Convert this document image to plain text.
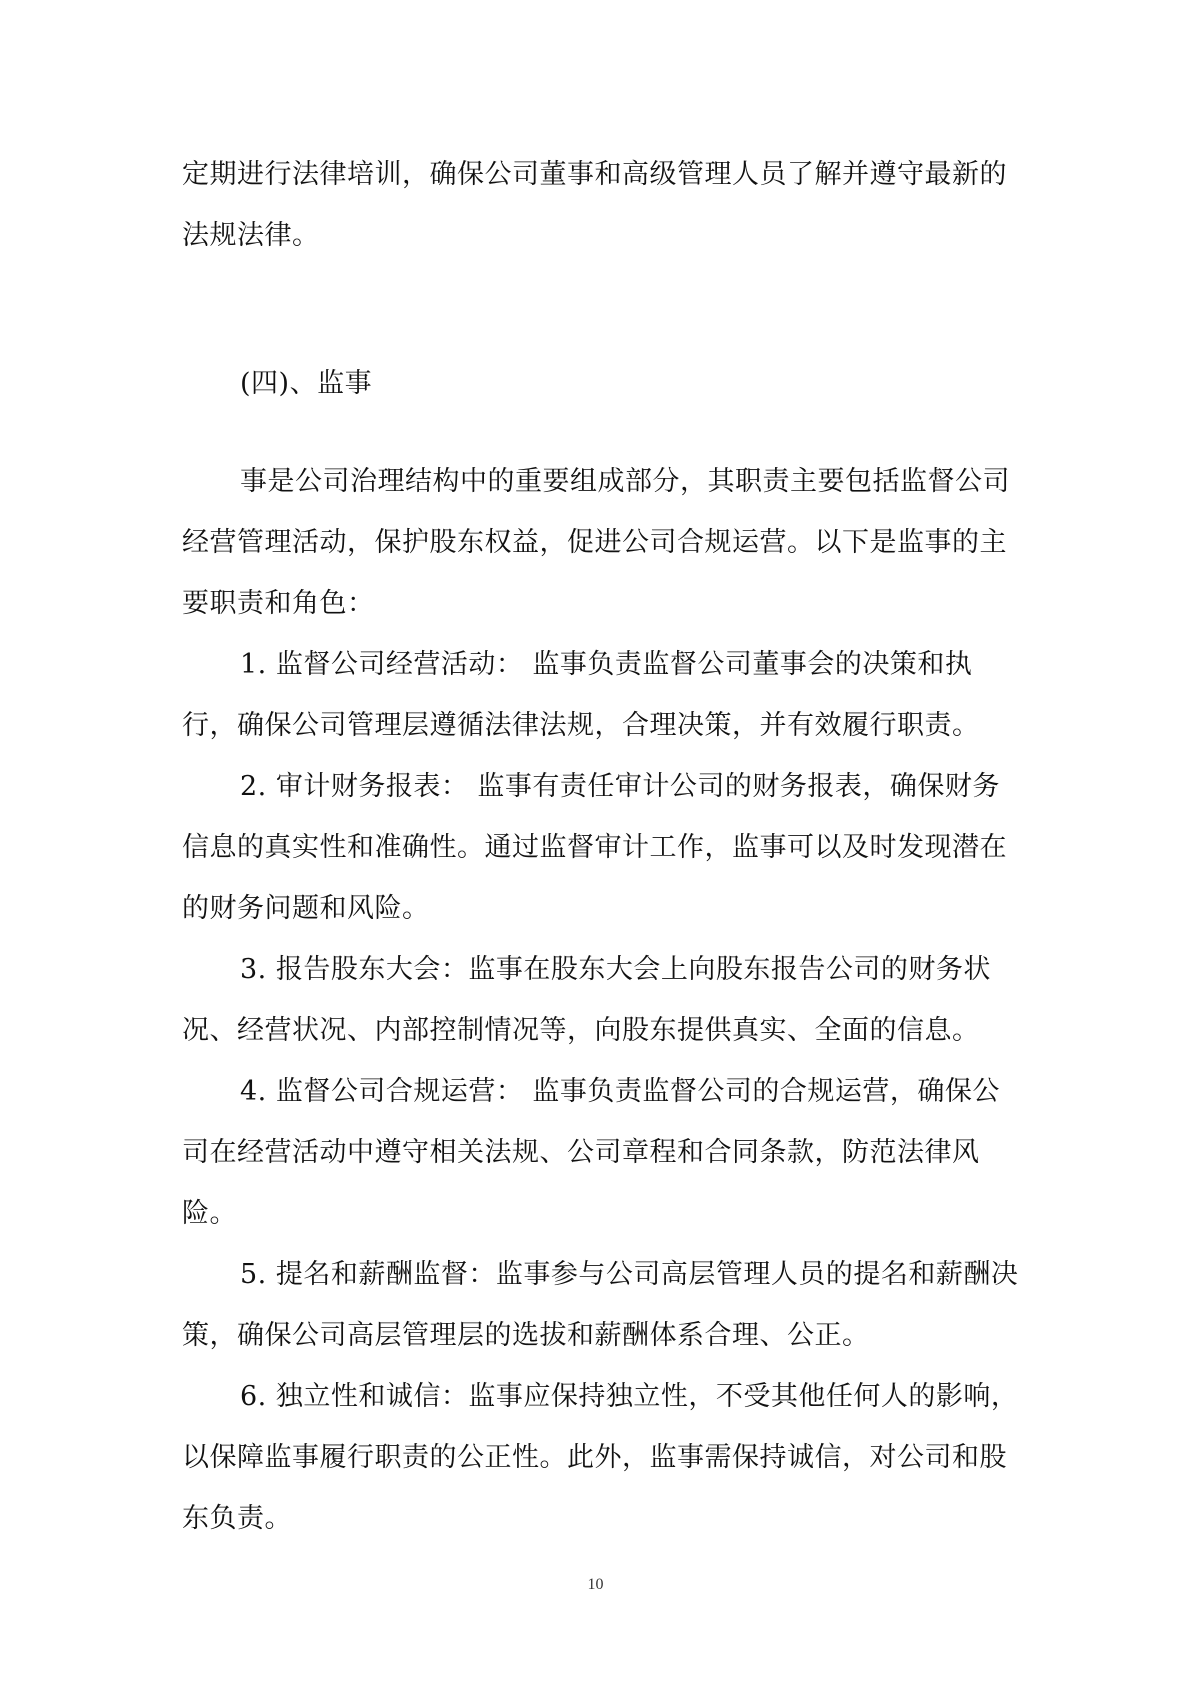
定期进行法律培训，确保公司董事和高级管理人员了解并遵守最新的法规法律。
(四)、监事

事是公司治理结构中的重要组成部分，其职责主要包括监督公司经营管理活动，保护股东权益，促进公司合规运营。以下是监事的主要职责和角色：

1. 监督公司经营活动： 监事负责监督公司董事会的决策和执行，确保公司管理层遵循法律法规，合理决策，并有效履行职责。

2. 审计财务报表： 监事有责任审计公司的财务报表，确保财务信息的真实性和准确性。通过监督审计工作，监事可以及时发现潜在的财务问题和风险。

3. 报告股东大会：监事在股东大会上向股东报告公司的财务状况、经营状况、内部控制情况等，向股东提供真实、全面的信息。

4. 监督公司合规运营： 监事负责监督公司的合规运营，确保公司在经营活动中遵守相关法规、公司章程和合同条款，防范法律风险。

5. 提名和薪酬监督：监事参与公司高层管理人员的提名和薪酬决策，确保公司高层管理层的选拔和薪酬体系合理、公正。

6. 独立性和诚信：监事应保持独立性，不受其他任何人的影响，以保障监事履行职责的公正性。此外，监事需保持诚信，对公司和股东负责。

10
